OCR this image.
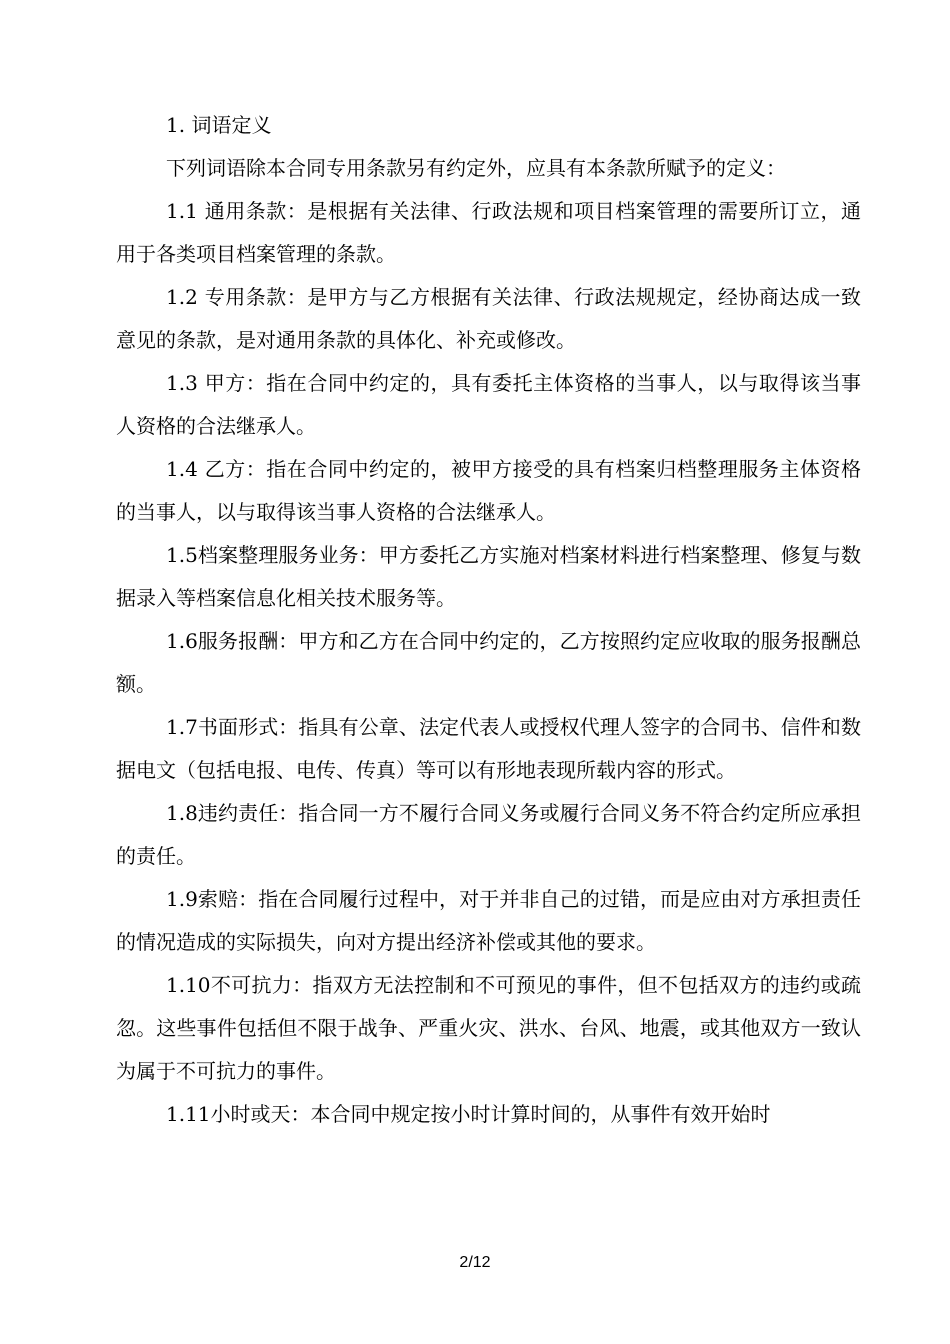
1. 词语定义

下列词语除本合同专用条款另有约定外，应具有本条款所赋予的定义：

1.1 通用条款：是根据有关法律、行政法规和项目档案管理的需要所订立，通用于各类项目档案管理的条款。

1.2 专用条款：是甲方与乙方根据有关法律、行政法规规定，经协商达成一致意见的条款，是对通用条款的具体化、补充或修改。

1.3 甲方：指在合同中约定的，具有委托主体资格的当事人，以与取得该当事人资格的合法继承人。

1.4 乙方：指在合同中约定的，被甲方接受的具有档案归档整理服务主体资格的当事人，以与取得该当事人资格的合法继承人。

1.5档案整理服务业务：甲方委托乙方实施对档案材料进行档案整理、修复与数据录入等档案信息化相关技术服务等。

1.6服务报酬：甲方和乙方在合同中约定的，乙方按照约定应收取的服务报酬总额。

1.7书面形式：指具有公章、法定代表人或授权代理人签字的合同书、信件和数据电文（包括电报、电传、传真）等可以有形地表现所载内容的形式。

1.8违约责任：指合同一方不履行合同义务或履行合同义务不符合约定所应承担的责任。

1.9索赔：指在合同履行过程中，对于并非自己的过错，而是应由对方承担责任的情况造成的实际损失，向对方提出经济补偿或其他的要求。

1.10不可抗力：指双方无法控制和不可预见的事件，但不包括双方的违约或疏忽。这些事件包括但不限于战争、严重火灾、洪水、台风、地震，或其他双方一致认为属于不可抗力的事件。

1.11小时或天：本合同中规定按小时计算时间的，从事件有效开始时

2/12
